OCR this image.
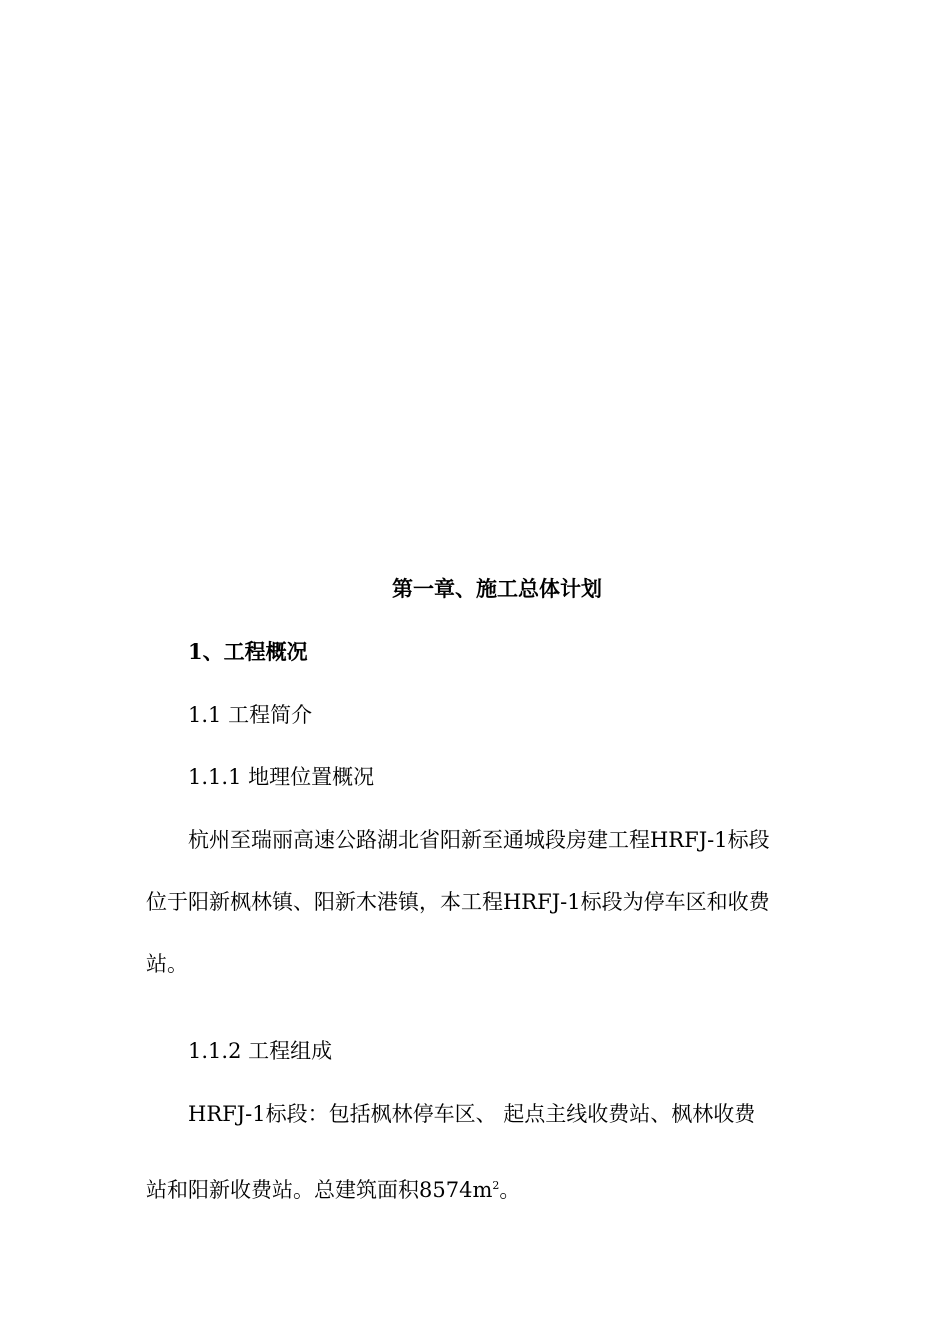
第一章、施工总体计划
1、工程概况
1.1 工程简介
1.1.1 地理位置概况
杭州至瑞丽高速公路湖北省阳新至通城段房建工程HRFJ-1标段
位于阳新枫林镇、阳新木港镇，本工程HRFJ-1标段为停车区和收费
站。
1.1.2 工程组成
HRFJ-1标段：包括枫林停车区、 起点主线收费站、枫林收费
站和阳新收费站。总建筑面积$8574m^2$。
